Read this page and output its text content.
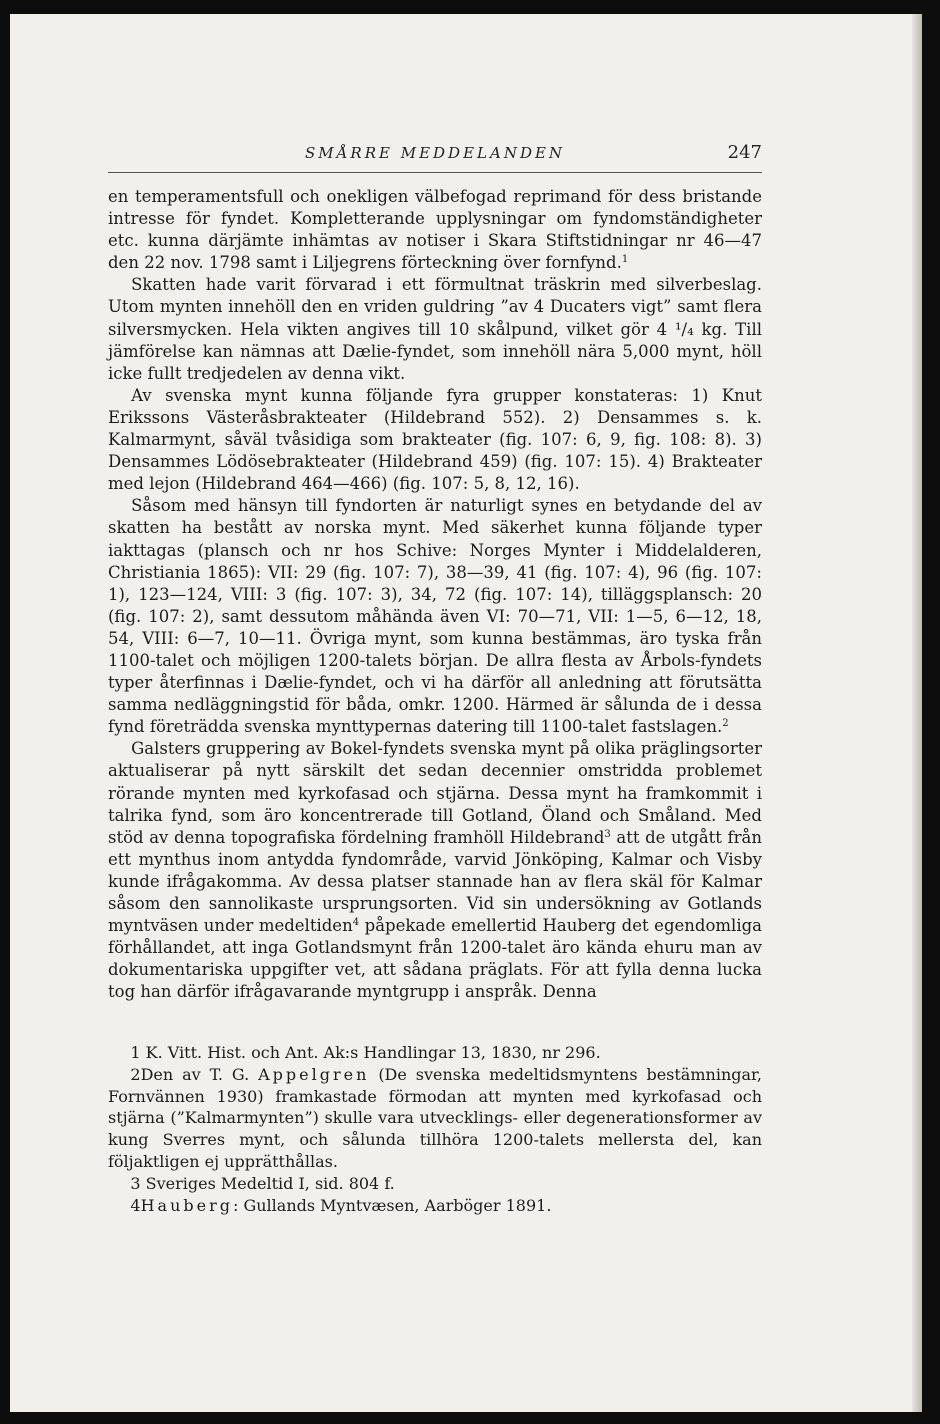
SMÅRRE MEDDELANDEN	247

en temperamentsfull och onekligen välbefogad reprimand för dess bristande intresse för fyndet. Kompletterande upplysningar om fyndomständigheter etc. kunna därjämte inhämtas av notiser i Skara Stiftstidningar nr 46—47 den 22 nov. 1798 samt i Liljegrens förteckning över fornfynd.$^1$

Skatten hade varit förvarad i ett förmultnat träskrin med silverbeslag. Utom mynten innehöll den en vriden guldring ”av 4 Ducaters vigt” samt flera silversmycken. Hela vikten angives till 10 skålpund, vilket gör 4 ¹/₄ kg. Till jämförelse kan nämnas att Dælie-fyndet, som innehöll nära 5,000 mynt, höll icke fullt tredjedelen av denna vikt.

Av svenska mynt kunna följande fyra grupper konstateras: 1) Knut Erikssons Västeråsbrakteater (Hildebrand 552). 2) Densammes s. k. Kalmarmynt, såväl tvåsidiga som brakteater (fig. 107: 6, 9, fig. 108: 8). 3) Densammes Lödösebrakteater (Hildebrand 459) (fig. 107: 15). 4) Brakteater med lejon (Hildebrand 464—466) (fig. 107: 5, 8, 12, 16).

Såsom med hänsyn till fyndorten är naturligt synes en betydande del av skatten ha bestått av norska mynt. Med säkerhet kunna följande typer iakttagas (plansch och nr hos Schive: Norges Mynter i Middelalderen, Christiania 1865): VII: 29 (fig. 107: 7), 38—39, 41 (fig. 107: 4), 96 (fig. 107: 1), 123—124, VIII: 3 (fig. 107: 3), 34, 72 (fig. 107: 14), tilläggsplansch: 20 (fig. 107: 2), samt dessutom måhända även VI: 70—71, VII: 1—5, 6—12, 18, 54, VIII: 6—7, 10—11. Övriga mynt, som kunna bestämmas, äro tyska från 1100-talet och möjligen 1200-talets början. De allra flesta av Årbols-fyndets typer återfinnas i Dælie-fyndet, och vi ha därför all anledning att förutsätta samma nedläggningstid för båda, omkr. 1200. Härmed är sålunda de i dessa fynd företrädda svenska mynttypernas datering till 1100-talet fastslagen.$^2$

Galsters gruppering av Bokel-fyndets svenska mynt på olika präglingsorter aktualiserar på nytt särskilt det sedan decennier omstridda problemet rörande mynten med kyrkofasad och stjärna. Dessa mynt ha framkommit i talrika fynd, som äro koncentrerade till Gotland, Öland och Småland. Med stöd av denna topografiska fördelning framhöll Hildebrand$^3$ att de utgått från ett mynthus inom antydda fyndområde, varvid Jönköping, Kalmar och Visby kunde ifrågakomma. Av dessa platser stannade han av flera skäl för Kalmar såsom den sannolikaste ursprungsorten. Vid sin undersökning av Gotlands myntväsen under medeltiden$^4$ påpekade emellertid Hauberg det egendomliga förhållandet, att inga Gotlandsmynt från 1200-talet äro kända ehuru man av dokumentariska uppgifter vet, att sådana präglats. För att fylla denna lucka tog han därför ifrågavarande myntgrupp i anspråk. Denna

1 K. Vitt. Hist. och Ant. Ak:s Handlingar 13, 1830, nr 296.

2Den av T. G. Appelgren (De svenska medeltidsmyntens bestämningar, Fornvännen 1930) framkastade förmodan att mynten med kyrkofasad och stjärna (”Kalmarmynten”) skulle vara utvecklings- eller degenerationsformer av kung Sverres mynt, och sålunda tillhöra 1200-talets mellersta del, kan följaktligen ej upprätthållas.

3 Sveriges Medeltid I, sid. 804 f.

4Hauberg: Gullands Myntvæsen, Aarböger 1891.
